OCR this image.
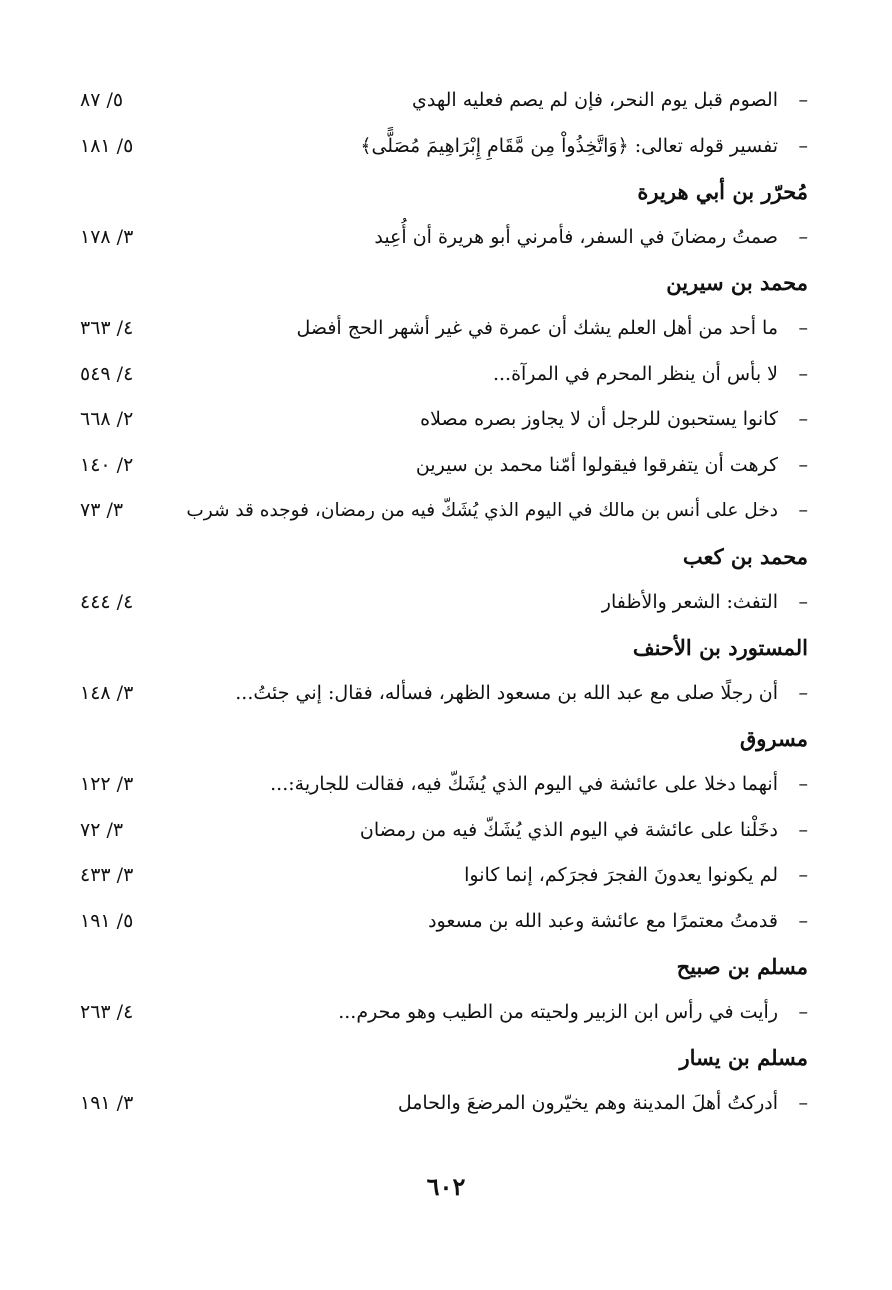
–
الصوم قبل يوم النحر، فإن لم يصم فعليه الهدي
٥/ ٨٧
–
تفسير قوله تعالى: ﴿وَاتَّخِذُواْ مِن مَّقَامِ إِبْرَاهِيمَ مُصَلًّى﴾
٥/ ١٨١
مُحرّر بن أبي هريرة
–
صمتُ رمضانَ في السفر، فأمرني أبو هريرة أن أُعِيد
٣/ ١٧٨
محمد بن سيرين
–
ما أحد من أهل العلم يشك أن عمرة في غير أشهر الحج أفضل
٤/ ٣٦٣
–
لا بأس أن ينظر المحرم في المرآة...
٤/ ٥٤٩
–
كانوا يستحبون للرجل أن لا يجاوز بصره مصلاه
٢/ ٦٦٨
–
كرهت أن يتفرقوا فيقولوا أمّنا محمد بن سيرين
٢/ ١٤٠
–
دخل على أنس بن مالك في اليوم الذي يُشَكّ فيه من رمضان، فوجده قد شرب
٣/ ٧٣
محمد بن كعب
–
التفث: الشعر والأظفار
٤/ ٤٤٤
المستورد بن الأحنف
–
أن رجلًا صلى مع عبد الله بن مسعود الظهر، فسأله، فقال: إني جئتُ...
٣/ ١٤٨
مسروق
–
أنهما دخلا على عائشة في اليوم الذي يُشَكّ فيه، فقالت للجارية:...
٣/ ١٢٢
–
دخَلْنا على عائشة في اليوم الذي يُشَكّ فيه من رمضان
٣/ ٧٢
–
لم يكونوا يعدونَ الفجرَ فجرَكم، إنما كانوا
٣/ ٤٣٣
–
قدمتُ معتمرًا مع عائشة وعبد الله بن مسعود
٥/ ١٩١
مسلم بن صبيح
–
رأيت في رأس ابن الزبير ولحيته من الطيب وهو محرم...
٤/ ٢٦٣
مسلم بن يسار
–
أدركتُ أهلَ المدينة وهم يخيّرون المرضعَ والحامل
٣/ ١٩١
٦٠٢
